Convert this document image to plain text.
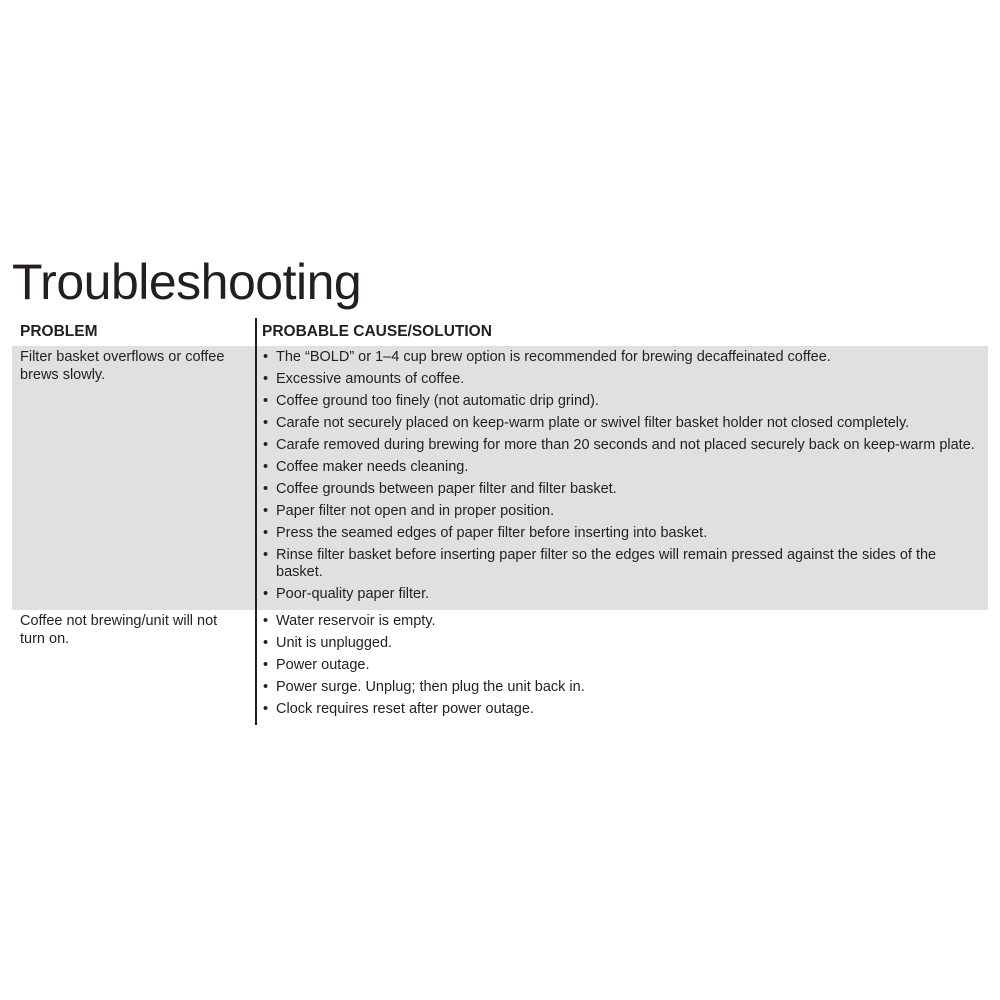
Troubleshooting
PROBLEM	PROBABLE CAUSE/SOLUTION
Filter basket overflows or coffee brews slowly.
• The “BOLD” or 1–4 cup brew option is recommended for brewing decaffeinated coffee.
• Excessive amounts of coffee.
• Coffee ground too finely (not automatic drip grind).
• Carafe not securely placed on keep-warm plate or swivel filter basket holder not closed completely.
• Carafe removed during brewing for more than 20 seconds and not placed securely back on keep-warm plate.
• Coffee maker needs cleaning.
• Coffee grounds between paper filter and filter basket.
• Paper filter not open and in proper position.
• Press the seamed edges of paper filter before inserting into basket.
• Rinse filter basket before inserting paper filter so the edges will remain pressed against the sides of the basket.
• Poor-quality paper filter.
Coffee not brewing/unit will not turn on.
• Water reservoir is empty.
• Unit is unplugged.
• Power outage.
• Power surge. Unplug; then plug the unit back in.
• Clock requires reset after power outage.
